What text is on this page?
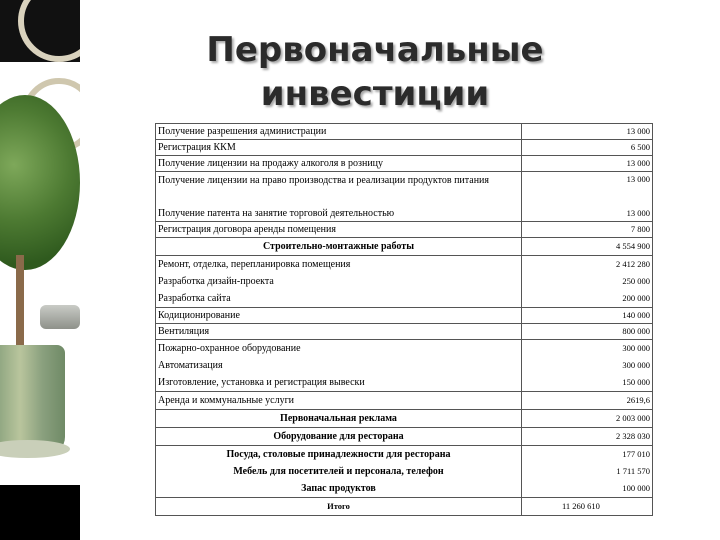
Первоначальные
инвестиции
Получение разрешения администрации	13 000
Регистрация ККМ	6 500
Получение лицензии на продажу алкоголя в розницу	13 000
Получение лицензии на право производства и реализации продуктов питания	13 000
Получение патента на занятие торговой деятельностью	13 000
Регистрация договора аренды помещения	7 800
Строительно-монтажные работы	4 554 900
Ремонт, отделка, перепланировка помещения	2 412 280
Разработка дизайн-проекта	250 000
Разработка сайта	200 000
Кодиционирование	140 000
Вентиляция	800 000
Пожарно-охранное оборудование	300 000
Автоматизация	300 000
Изготовление, установка и регистрация вывески	150 000
Аренда и коммунальные услуги	2619,6
Первоначальная реклама	2 003 000
Оборудование для ресторана	2 328 030
Посуда, столовые принадлежности для ресторана	177 010
Мебель для посетителей и персонала, телефон	1 711 570
Запас продуктов	100 000
Итого	11 260 610
